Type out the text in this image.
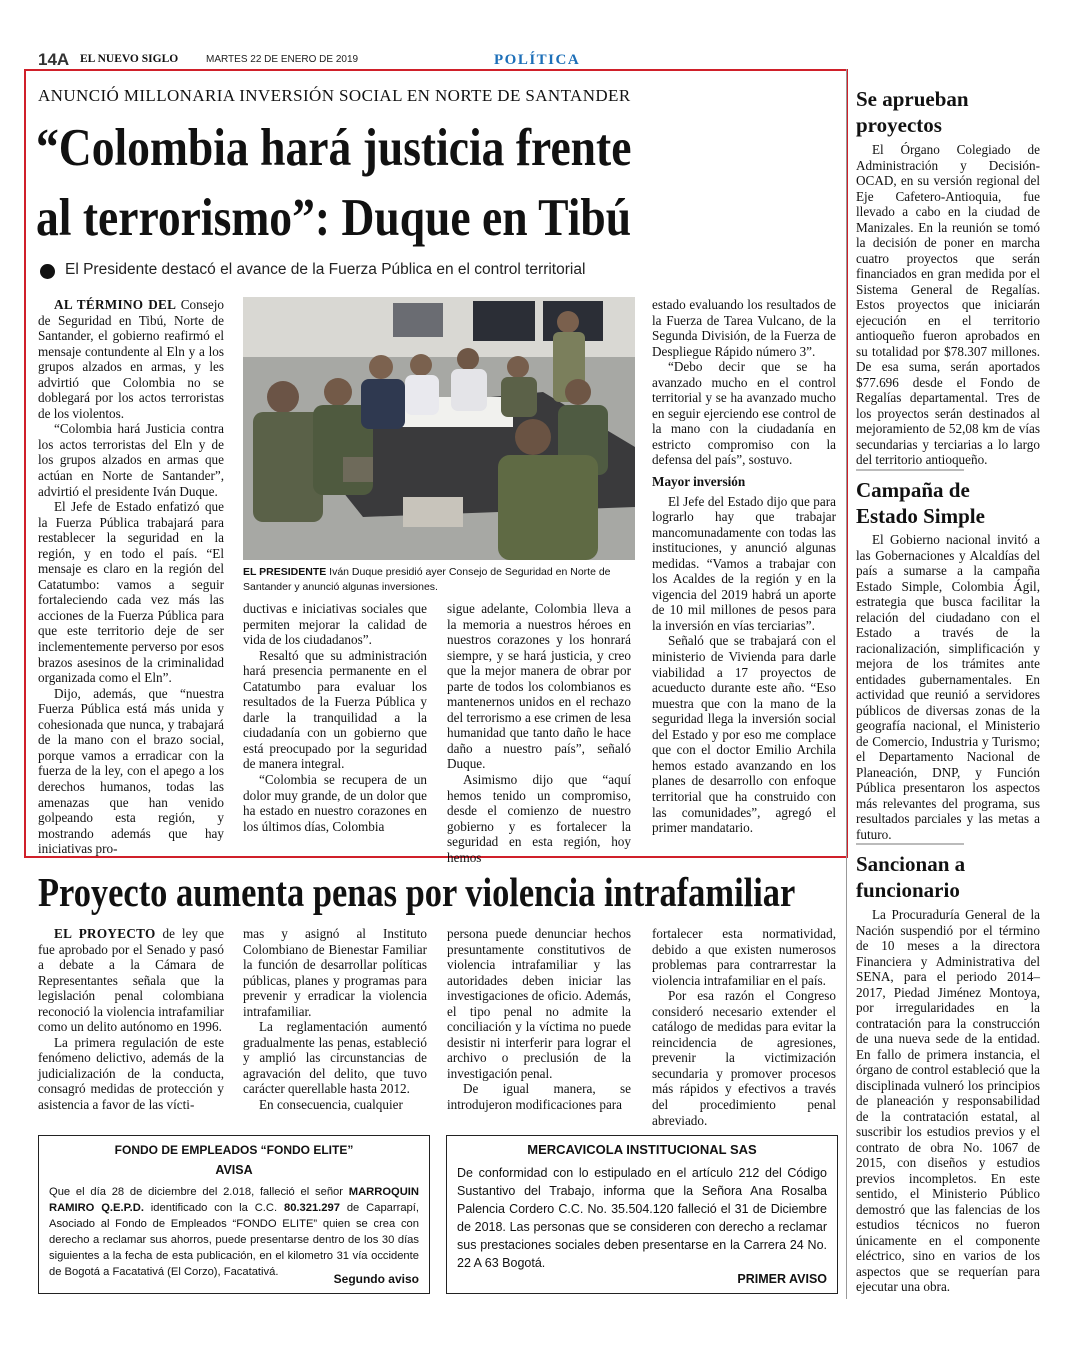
14A EL NUEVO SIGLO	MARTES 22 DE ENERO DE 2019	POLÍTICA
ANUNCIÓ MILLONARIA INVERSIÓN SOCIAL EN NORTE DE SANTANDER
“Colombia hará justicia frente
al terrorismo”: Duque en Tibú
El Presidente destacó el avance de la Fuerza Pública en el control territorial

AL TÉRMINO DEL Consejo de Seguridad en Tibú, Norte de Santander, el gobierno reafirmó el mensaje contundente al Eln y a los grupos alzados en armas, y les advirtió que Colombia no se doblegará por los actos terroristas de los violentos.

“Colombia hará Justicia contra los actos terroristas del Eln y de los grupos alzados en armas que actúan en Norte de Santander”, advirtió el presidente Iván Duque.

El Jefe de Estado enfatizó que la Fuerza Pública trabajará para restablecer la seguridad en la región, y en todo el país. “El mensaje es claro en la región del Catatumbo: vamos a seguir fortaleciendo cada vez más las acciones de la Fuerza Pública para que este territorio deje de ser inclementemente perverso por esos brazos asesinos de la criminalidad organizada como el Eln”.

Dijo, además, que “nuestra Fuerza Pública está más unida y cohesionada que nunca, y trabajará de la mano con el brazo social, porque vamos a erradicar con la fuerza de la ley, con el apego a los derechos humanos, todas las amenazas que han venido golpeando esta región, y mostrando además que hay iniciativas pro-

EL PRESIDENTE Iván Duque presidió ayer Consejo de Seguridad en Norte de Santander y anunció algunas inversiones.

ductivas e iniciativas sociales que permiten mejorar la calidad de vida de los ciudadanos”.

Resaltó que su administración hará presencia permanente en el Catatumbo para evaluar los resultados de la Fuerza Pública y darle la tranquilidad a la ciudadanía con un gobierno que está preocupado por la seguridad de manera integral.

“Colombia se recupera de un dolor muy grande, de un dolor que ha estado en nuestro corazones en los últimos días, Colombia

sigue adelante, Colombia lleva a la memoria a nuestros héroes en nuestros corazones y los honrará siempre, y se hará justicia, y creo que la mejor manera de obrar por parte de todos los colombianos es mantenernos unidos en el rechazo del terrorismo a ese crimen de lesa humanidad que tanto daño le hace daño a nuestro país”, señaló Duque.

Asimismo dijo que “aquí hemos tenido un compromiso, desde el comienzo de nuestro gobierno y es fortalecer la seguridad en esta región, hoy hemos

estado evaluando los resultados de la Fuerza de Tarea Vulcano, de la Segunda División, de la Fuerza de Despliegue Rápido número 3”.

“Debo decir que se ha avanzado mucho en el control territorial y se ha avanzado mucho en seguir ejerciendo ese control de la mano con la ciudadanía en estricto compromiso con la defensa del país”, sostuvo.

Mayor inversión

El Jefe del Estado dijo que para lograrlo hay que trabajar mancomunadamente con todas las instituciones, y anunció algunas medidas. “Vamos a trabajar con los Acaldes de la región y en la vigencia del 2019 habrá un aporte de 10 mil millones de pesos para la inversión en vías terciarias”.

Señaló que se trabajará con el ministerio de Vivienda para darle viabilidad a 17 proyectos de acueducto durante este año. “Eso muestra que con la mano de la seguridad llega la inversión social del Estado y por eso me complace que con el doctor Emilio Archila hemos estado avanzando en los planes de desarrollo con enfoque territorial que ha construido con las comunidades”, agregó el primer mandatario.

Proyecto aumenta penas por violencia intrafamiliar

EL PROYECTO de ley que fue aprobado por el Senado y pasó a debate a la Cámara de Representantes señala que la legislación penal colombiana reconoció la violencia intrafamiliar como un delito autónomo en 1996.

La primera regulación de este fenómeno delictivo, además de la judicialización de la conducta, consagró medidas de protección y asistencia a favor de las vícti-

mas y asignó al Instituto Colombiano de Bienestar Familiar la función de desarrollar políticas públicas, planes y programas para prevenir y erradicar la violencia intrafamiliar.

La reglamentación aumentó gradualmente las penas, estableció y amplió las circunstancias de agravación del delito, que tuvo carácter querellable hasta 2012.

En consecuencia, cualquier

persona puede denunciar hechos presuntamente constitutivos de violencia intrafamiliar y las autoridades deben iniciar las investigaciones de oficio. Además, el tipo penal no admite la conciliación y la víctima no puede desistir ni interferir para lograr el archivo o preclusión de la investigación penal.

De igual manera, se introdujeron modificaciones para

fortalecer esta normatividad, debido a que existen numerosos problemas para contrarrestar la violencia intrafamiliar en el país.

Por esa razón el Congreso consideró necesario extender el catálogo de medidas para evitar la reincidencia de agresiones, prevenir la victimización secundaria y promover procesos más rápidos y efectivos a través del procedimiento penal abreviado.

FONDO DE EMPLEADOS “FONDO ELITE”
AVISA
Que el día 28 de diciembre del 2.018, falleció el señor MARROQUIN RAMIRO Q.E.P.D. identificado con la C.C. 80.321.297 de Caparrapí, Asociado al Fondo de Empleados “FONDO ELITE” quien se crea con derecho a reclamar sus ahorros, puede presentarse dentro de los 30 días siguientes a la fecha de esta publicación, en el kilometro 31 vía occidente de Bogotá a Facatativá (El Corzo), Facatativá.	Segundo aviso
MERCAVICOLA INSTITUCIONAL SAS
De conformidad con lo estipulado en el artículo 212 del Código Sustantivo del Trabajo, informa que la Señora Ana Rosalba Palencia Cordero C.C. No. 35.504.120 falleció el 31 de Diciembre de 2018. Las personas que se consideren con derecho a reclamar sus prestaciones sociales deben presentarse en la Carrera 24 No. 22 A 63 Bogotá.
PRIMER AVISO
Se aprueban proyectos
El Órgano Colegiado de Administración y Decisión- OCAD, en su versión regional del Eje Cafetero-Antioquia, fue llevado a cabo en la ciudad de Manizales. En la reunión se tomó la decisión de poner en marcha cuatro proyectos que serán financiados en gran medida por el Sistema General de Regalías. Estos proyectos que iniciarán ejecución en el territorio antioqueño fueron aprobados en su totalidad por $78.307 millones. De esa suma, serán aportados $77.696 desde el Fondo de Regalías departamental. Tres de los proyectos serán destinados al mejoramiento de 52,08 km de vías secundarias y terciarias a lo largo del territorio antioqueño.
Campaña de Estado Simple
El Gobierno nacional invitó a las Gobernaciones y Alcaldías del país a sumarse a la campaña Estado Simple, Colombia Ágil, estrategia que busca facilitar la relación del ciudadano con el Estado a través de la racionalización, simplificación y mejora de los trámites ante entidades gubernamentales. En actividad que reunió a servidores públicos de diversas zonas de la geografía nacional, el Ministerio de Comercio, Industria y Turismo; el Departamento Nacional de Planeación, DNP, y Función Pública presentaron los aspectos más relevantes del programa, sus resultados parciales y las metas a futuro.
Sancionan a funcionario
La Procuraduría General de la Nación suspendió por el término de 10 meses a la directora Financiera y Administrativa del SENA, para el periodo 2014–2017, Piedad Jiménez Montoya, por irregularidades en la contratación para la construcción de una nueva sede de la entidad. En fallo de primera instancia, el órgano de control estableció que la disciplinada vulneró los principios de planeación y responsabilidad de la contratación estatal, al suscribir los estudios previos y el contrato de obra No. 1067 de 2015, con diseños y estudios previos incompletos. En este sentido, el Ministerio Público demostró que las falencias de los estudios técnicos no fueron únicamente en el componente eléctrico, sino en varios de los aspectos que se requerían para ejecutar una obra.
